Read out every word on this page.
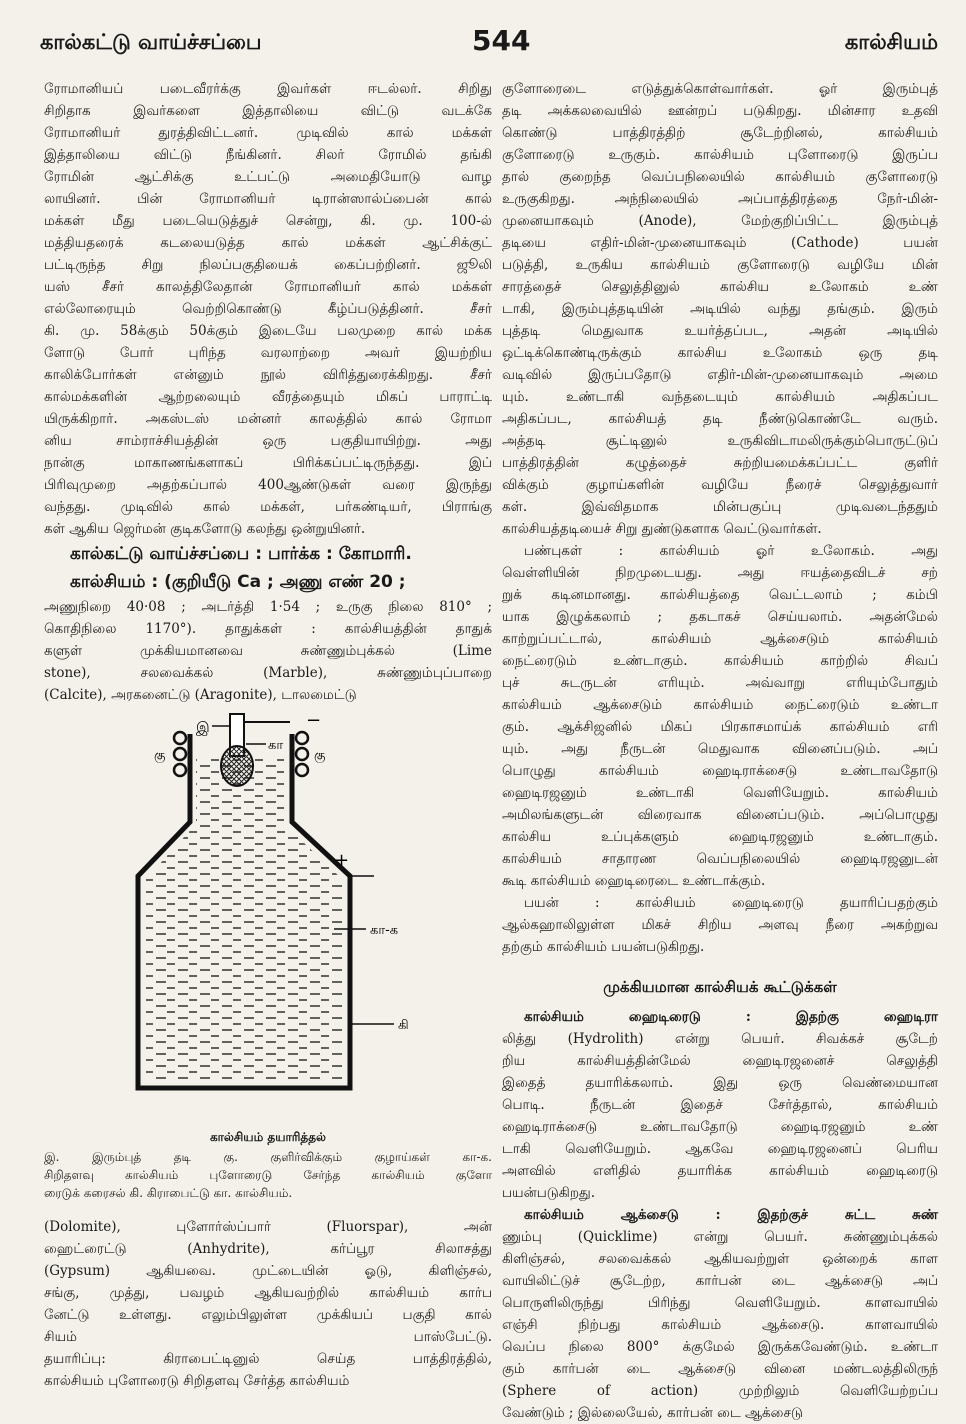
கால்கட்டு வாய்ச்சப்பை	544	கால்சியம்
ரோமானியப் படைவீரர்க்கு இவர்கள் ஈடல்லர். சிறிது
சிறிதாக இவர்களை இத்தாலியை விட்டு வடக்கே
ரோமானியர் துரத்திவிட்டனர். முடிவில் கால் மக்கள்
இத்தாலியை விட்டு நீங்கினர். சிலர் ரோமில் தங்கி
ரோமின் ஆட்சிக்கு உட்பட்டு அமைதியோடு வாழ
லாயினர். பின் ரோமானியர் டிரான்ஸால்ப்பைன் கால்
மக்கள் மீது படையெடுத்துச் சென்று, கி. மு. 100-ல்
மத்தியதரைக் கடலையடுத்த கால் மக்கள் ஆட்சிக்குட்
பட்டிருந்த சிறு நிலப்பகுதியைக் கைப்பற்றினர். ஜூலி
யஸ் சீசர் காலத்திலேதான் ரோமானியர் கால் மக்கள்
எல்லோரையும் வெற்றிகொண்டு கீழ்ப்படுத்தினர். சீசர்
கி. மு. 58க்கும் 50க்கும் இடையே பலமுறை கால் மக்க
ளோடு போர் புரிந்த வரலாற்றை அவர் இயற்றிய
காலிக்போர்கள் என்னும் நூல் விரித்துரைக்கிறது. சீசர்
கால்மக்களின் ஆற்றலையும் வீரத்தையும் மிகப் பாராட்டி
யிருக்கிறார். அகஸ்டஸ் மன்னர் காலத்தில் கால் ரோமா
னிய சாம்ராச்சியத்தின் ஒரு பகுதியாயிற்று. அது
நான்கு மாகாணங்களாகப் பிரிக்கப்பட்டிருந்தது. இப்
பிரிவுமுறை அதற்கப்பால் 400ஆண்டுகள் வரை இருந்து
வந்தது. முடிவில் கால் மக்கள், பர்கண்டியர், பிராங்கு
கள் ஆகிய ஜெர்மன் குடிகளோடு கலந்து ஒன்றுயினர்.
கால்கட்டு வாய்ச்சப்பை : பார்க்க : கோமாரி.
கால்சியம் : (குறியீடு Ca ; அணு எண் 20 ;
அணுநிறை 40·08 ; அடர்த்தி 1·54 ; உருகு நிலை 810° ;
கொதிநிலை 1170°). தாதுக்கள் : கால்சியத்தின் தாதுக்
களுள் முக்கியமானவை சுண்ணும்புக்கல் (Lime
stone), சலவைக்கல் (Marble), சுண்ணும்புப்பாறை
(Calcite), அரகனைட்டு (Aragonite), டாலமைட்டு
−
இ
கா
கு	கு
+
கா-க
கி
கால்சியம் தயாரித்தல்
இ. இரும்புத் தடி கு. குளிர்விக்கும் குழாய்கள் கா-க.
சிறிதளவு கால்சியம் புளோரைடு சேர்ந்த கால்சியம் குளோ
ரைடுக் கரைசல் கி. கிராபைட்டு கா. கால்சியம்.
(Dolomite), புளோர்ஸ்ப்பார் (Fluorspar), அன்
ஹைட்ரைட்டு (Anhydrite), கர்ப்பூர சிலாசத்து
(Gypsum) ஆகியவை. முட்டையின் ஓடு, கிளிஞ்சல்,
சங்கு, முத்து, பவழம் ஆகியவற்றில் கால்சியம் கார்ப
னேட்டு உள்ளது. எலும்பிலுள்ள முக்கியப் பகுதி கால்
சியம் பாஸ்பேட்டு.
தயாரிப்பு: கிராபைட்டினுல் செய்த பாத்திரத்தில்,
கால்சியம் புளோரைடு சிறிதளவு சேர்த்த கால்சியம்
குளோரைடை எடுத்துக்கொள்வார்கள். ஓர் இரும்புத்
தடி அக்கலவையில் ஊன்றப் படுகிறது. மின்சார உதவி
கொண்டு பாத்திரத்திற் சூடேற்றினல், கால்சியம்
குளோரைடு உருகும். கால்சியம் புளோரைடு இருப்ப
தால் குறைந்த வெப்பநிலையில் கால்சியம் குளோரைடு
உருகுகிறது. அந்நிலையில் அப்பாத்திரத்தை நேர்-மின்-
முனையாகவும் (Anode), மேற்குறிப்பிட்ட இரும்புத்
தடியை எதிர்-மின்-முனையாகவும் (Cathode) பயன்
படுத்தி, உருகிய கால்சியம் குளோரைடு வழியே மின்
சாரத்தைச் செலுத்தினுல் கால்சிய உலோகம் உண்
டாகி, இரும்புத்தடியின் அடியில் வந்து தங்கும். இரும்
புத்தடி மெதுவாக உயர்த்தப்பட, அதன் அடியில்
ஒட்டிக்கொண்டிருக்கும் கால்சிய உலோகம் ஒரு தடி
வடிவில் இருப்பதோடு எதிர்-மின்-முனையாகவும் அமை
யும். உண்டாகி வந்தடையும் கால்சியம் அதிகப்பட
அதிகப்பட, கால்சியத் தடி நீண்டுகொண்டே வரும்.
அத்தடி சூட்டினுல் உருகிவிடாமலிருக்கும்பொருட்டுப்
பாத்திரத்தின் கழுத்தைச் சுற்றியமைக்கப்பட்ட குளிர்
விக்கும் குழாய்களின் வழியே நீரைச் செலுத்துவார்
கள். இவ்விதமாக மின்பகுப்பு முடிவடைந்ததும்
கால்சியத்தடியைச் சிறு துண்டுகளாக வெட்டுவார்கள்.
பண்புகள் : கால்சியம் ஓர் உலோகம். அது
வெள்ளியின் நிறமுடையது. அது ஈயத்தைவிடச் சற்
றுக் கடினமானது. கால்சியத்தை வெட்டலாம் ; கம்பி
யாக இழுக்கலாம் ; தகடாகச் செய்யலாம். அதன்மேல்
காற்றுப்பட்டால், கால்சியம் ஆக்சைடும் கால்சியம்
நைட்ரைடும் உண்டாகும். கால்சியம் காற்றில் சிவப்
புச் சுடருடன் எரியும். அவ்வாறு எரியும்போதும்
கால்சியம் ஆக்சைடும் கால்சியம் நைட்ரைடும் உண்டா
கும். ஆக்சிஜனில் மிகப் பிரகாசமாய்க் கால்சியம் எரி
யும். அது நீருடன் மெதுவாக வினைப்படும். அப்
பொழுது கால்சியம் ஹைடிராக்சைடு உண்டாவதோடு
ஹைடிரஜனும் உண்டாகி வெளியேறும். கால்சியம்
அமிலங்களுடன் விரைவாக வினைப்படும். அப்பொழுது
கால்சிய உப்புக்களும் ஹைடிரஜனும் உண்டாகும்.
கால்சியம் சாதாரண வெப்பநிலையில் ஹைடிரஜனுடன்
கூடி கால்சியம் ஹைடிரைடை உண்டாக்கும்.
பயன் : கால்சியம் ஹைடிரைடு தயாரிப்பதற்கும்
ஆல்கஹாலிலுள்ள மிகச் சிறிய அளவு நீரை அகற்றுவ
தற்கும் கால்சியம் பயன்படுகிறது.
முக்கியமான கால்சியக் கூட்டுக்கள்
கால்சியம் ஹைடிரைடு : இதற்கு ஹைடிரா
லித்து (Hydrolith) என்று பெயர். சிவக்கச் சூடேற்
றிய கால்சியத்தின்மேல் ஹைடிரஜனைச் செலுத்தி
இதைத் தயாரிக்கலாம். இது ஒரு வெண்மையான
பொடி. நீருடன் இதைச் சேர்த்தால், கால்சியம்
ஹைடிராக்சைடு உண்டாவதோடு ஹைடிரஜனும் உண்
டாகி வெளியேறும். ஆகவே ஹைடிரஜனைப் பெரிய
அளவில் எளிதில் தயாரிக்க கால்சியம் ஹைடிரைடு
பயன்படுகிறது.
கால்சியம் ஆக்சைடு : இதற்குச் சுட்ட சுண்
ணும்பு (Quicklime) என்று பெயர். சுண்ணும்புக்கல்
கிளிஞ்சல், சலவைக்கல் ஆகியவற்றுள் ஒன்றைக் காள
வாயிலிட்டுச் சூடேற்ற, கார்பன் டை ஆக்சைடு அப்
பொருளிலிருந்து பிரிந்து வெளியேறும். காளவாயில்
எஞ்சி நிற்பது கால்சியம் ஆக்சைடு. காளவாயில்
வெப்ப நிலை 800° க்குமேல் இருக்கவேண்டும். உண்டா
கும் கார்பன் டை ஆக்சைடு வினை மண்டலத்திலிருந்
(Sphere of action) முற்றிலும் வெளியேற்றப்ப
வேண்டும் ; இல்லையேல், கார்பன் டை ஆக்சைடு
